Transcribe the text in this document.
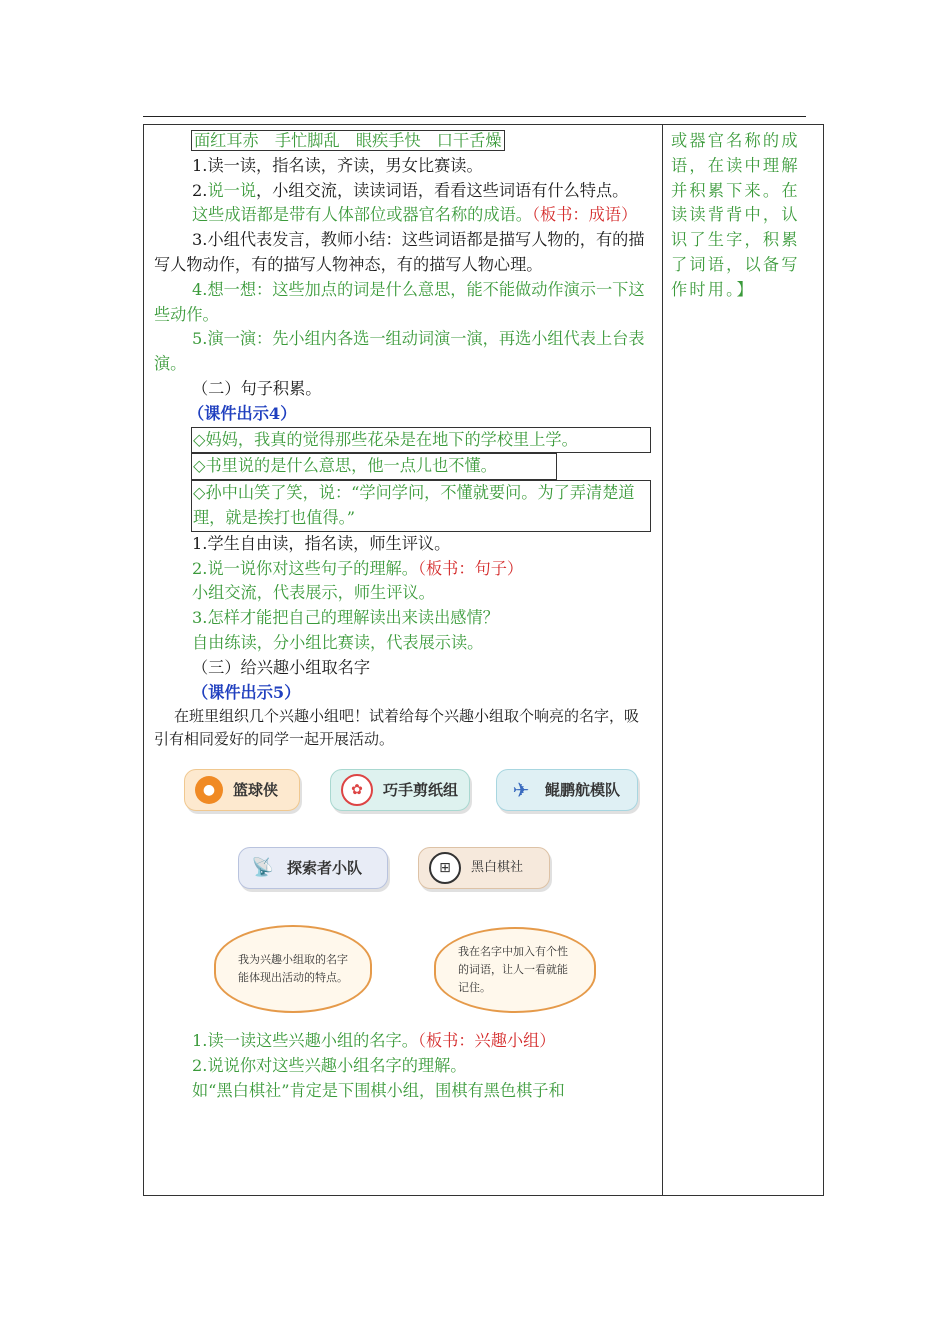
面红耳赤　手忙脚乱　眼疾手快　口干舌燥

1.读一读，指名读，齐读，男女比赛读。

2.说一说，小组交流，读读词语，看看这些词语有什么特点。

这些成语都是带有人体部位或器官名称的成语。（板书：成语）

3.小组代表发言，教师小结：这些词语都是描写人物的，有的描写人物动作，有的描写人物神态，有的描写人物心理。

4.想一想：这些加点的词是什么意思，能不能做动作演示一下这些动作。

5.演一演：先小组内各选一组动词演一演，再选小组代表上台表演。

（二）句子积累。

（课件出示4）

◇妈妈，我真的觉得那些花朵是在地下的学校里上学。
◇书里说的是什么意思，他一点儿也不懂。
◇孙中山笑了笑，说：“学问学问，不懂就要问。为了弄清楚道理，就是挨打也值得。”

1.学生自由读，指名读，师生评议。

2.说一说你对这些句子的理解。（板书：句子）

小组交流，代表展示，师生评议。

3.怎样才能把自己的理解读出来读出感情？

自由练读，分小组比赛读，代表展示读。

（三）给兴趣小组取名字

（课件出示5）

在班里组织几个兴趣小组吧！试着给每个兴趣小组取个响亮的名字，吸引有相同爱好的同学一起开展活动。

●	篮球侠	✿	巧手剪纸组	✈	鲲鹏航模队
📡 探索者小队	⊞	黑白棋社
我为兴趣小组取的名字能体现出活动的特点。
我在名字中加入有个性的词语，让人一看就能记住。

1.读一读这些兴趣小组的名字。（板书：兴趣小组）

2.说说你对这些兴趣小组名字的理解。

如“黑白棋社”肯定是下围棋小组，围棋有黑色棋子和

或器官名称的成语，在读中理解并积累下来。在读读背背中，认识了生字，积累了词语，以备写作时用。】
